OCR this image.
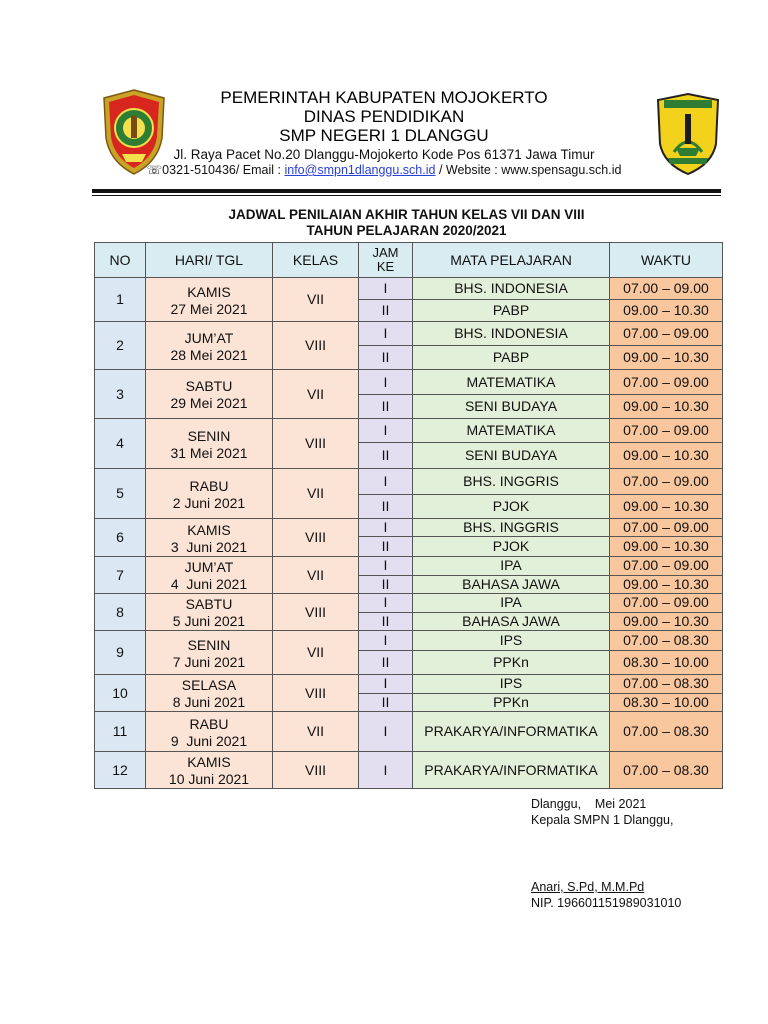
PEMERINTAH KABUPATEN MOJOKERTO
DINAS PENDIDIKAN
SMP NEGERI 1 DLANGGU
Jl. Raya Pacet No.20 Dlanggu-Mojokerto Kode Pos 61371 Jawa Timur
☏0321-510436/ Email : info@smpn1dlanggu.sch.id / Website : www.spensagu.sch.id
JADWAL PENILAIAN AKHIR TAHUN KELAS VII DAN VIII
TAHUN PELAJARAN 2020/2021
NO	HARI/ TGL	KELAS	JAM
KE	MATA PELAJARAN	WAKTU
1	KAMIS
27 Mei 2021	VII	I	BHS. INDONESIA	07.00 – 09.00
			II	PABP	09.00 – 10.30
2	JUM’AT
28 Mei 2021	VIII	I	BHS. INDONESIA	07.00 – 09.00
			II	PABP	09.00 – 10.30
3	SABTU
29 Mei 2021	VII	I	MATEMATIKA	07.00 – 09.00
			II	SENI BUDAYA	09.00 – 10.30
4	SENIN
31 Mei 2021	VIII	I	MATEMATIKA	07.00 – 09.00
			II	SENI BUDAYA	09.00 – 10.30
5	RABU
2 Juni 2021	VII	I	BHS. INGGRIS	07.00 – 09.00
			II	PJOK	09.00 – 10.30
6	KAMIS
3  Juni 2021	VIII	I	BHS. INGGRIS	07.00 – 09.00
			II	PJOK	09.00 – 10.30
7	JUM’AT
4  Juni 2021	VII	I	IPA	07.00 – 09.00
			II	BAHASA JAWA	09.00 – 10.30
8	SABTU
5 Juni 2021	VIII	I	IPA	07.00 – 09.00
			II	BAHASA JAWA	09.00 – 10.30
9	SENIN
7 Juni 2021	VII	I	IPS	07.00 – 08.30
			II	PPKn	08.30 – 10.00
10	SELASA
8 Juni 2021	VIII	I	IPS	07.00 – 08.30
			II	PPKn	08.30 – 10.00
11	RABU
9  Juni 2021	VII	I	PRAKARYA/INFORMATIKA	07.00 – 08.30
12	KAMIS
10 Juni 2021	VIII	I	PRAKARYA/INFORMATIKA	07.00 – 08.30
Dlanggu,    Mei 2021
Kepala SMPN 1 Dlanggu,
Anari, S.Pd, M.M.Pd
NIP. 196601151989031010
